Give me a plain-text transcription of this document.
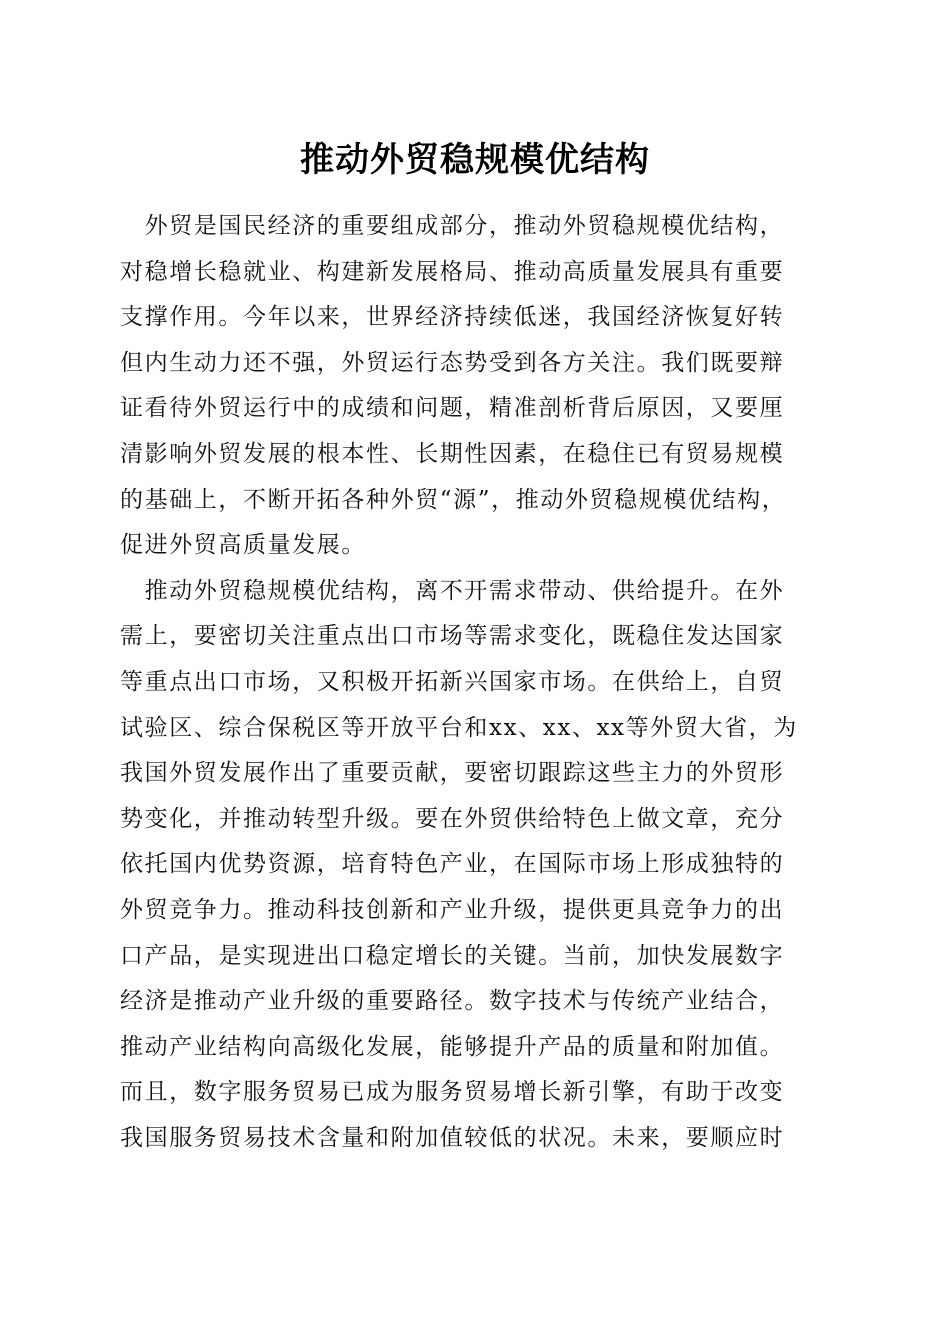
推动外贸稳规模优结构
　外贸是国民经济的重要组成部分，推动外贸稳规模优结构，
对稳增长稳就业、构建新发展格局、推动高质量发展具有重要
支撑作用。今年以来，世界经济持续低迷，我国经济恢复好转
但内生动力还不强，外贸运行态势受到各方关注。我们既要辩
证看待外贸运行中的成绩和问题，精准剖析背后原因，又要厘
清影响外贸发展的根本性、长期性因素，在稳住已有贸易规模
的基础上，不断开拓各种外贸“源”，推动外贸稳规模优结构，
促进外贸高质量发展。
　推动外贸稳规模优结构，离不开需求带动、供给提升。在外
需上，要密切关注重点出口市场等需求变化，既稳住发达国家
等重点出口市场，又积极开拓新兴国家市场。在供给上，自贸
试验区、综合保税区等开放平台和xx、xx、xx等外贸大省，为
我国外贸发展作出了重要贡献，要密切跟踪这些主力的外贸形
势变化，并推动转型升级。要在外贸供给特色上做文章，充分
依托国内优势资源，培育特色产业，在国际市场上形成独特的
外贸竞争力。推动科技创新和产业升级，提供更具竞争力的出
口产品，是实现进出口稳定增长的关键。当前，加快发展数字
经济是推动产业升级的重要路径。数字技术与传统产业结合，
推动产业结构向高级化发展，能够提升产品的质量和附加值。
而且，数字服务贸易已成为服务贸易增长新引擎，有助于改变
我国服务贸易技术含量和附加值较低的状况。未来，要顺应时
